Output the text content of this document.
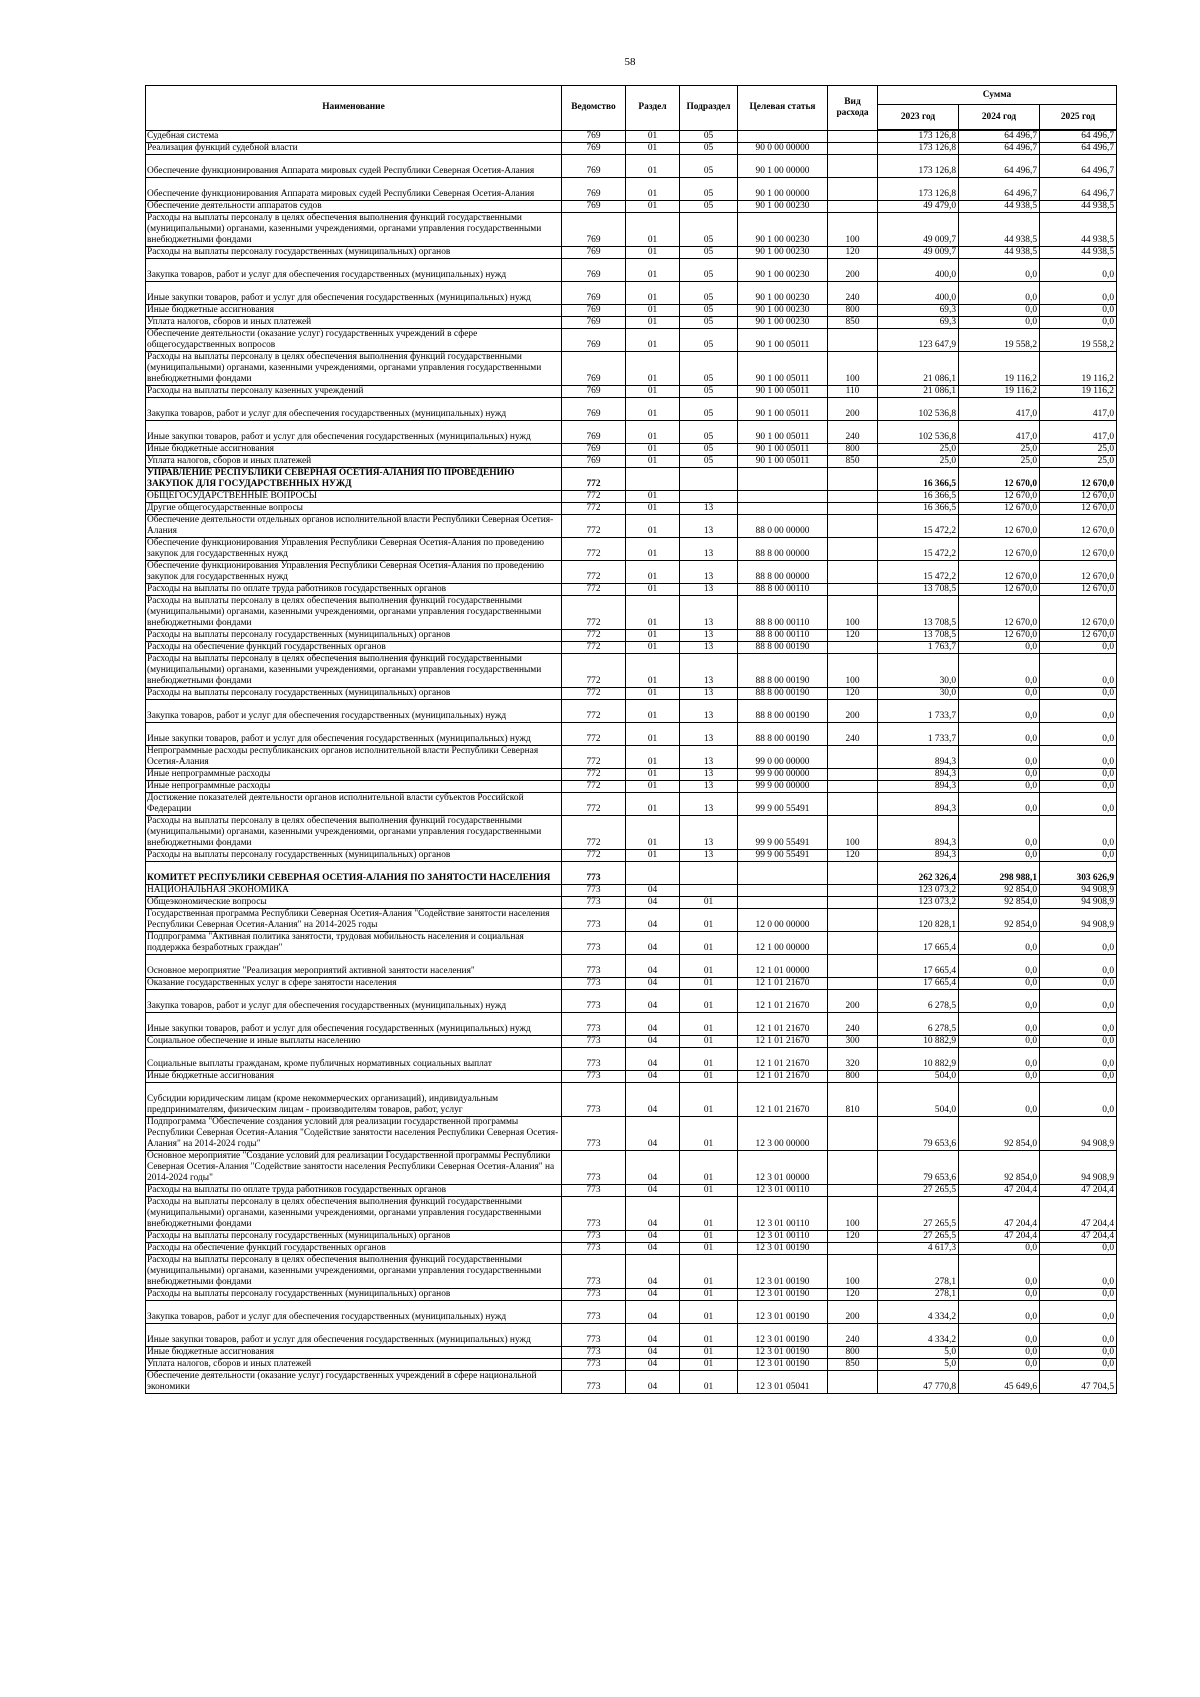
58
Наименование	Ведомство	Раздел	Подраздел	Целевая статья	Вид расхода	Сумма		
						2023 год	2024 год	2025 год
Судебная система	769	01	05			173 126,8	64 496,7	64 496,7
Реализация функций судебной власти	769	01	05	90 0 00 00000		173 126,8	64 496,7	64 496,7
Обеспечение функционирования Аппарата мировых судей Республики Северная Осетия-Алания	769	01	05	90 1 00 00000		173 126,8	64 496,7	64 496,7
Обеспечение функционирования Аппарата мировых судей Республики Северная Осетия-Алания	769	01	05	90 1 00 00000		173 126,8	64 496,7	64 496,7
Обеспечение деятельности аппаратов судов	769	01	05	90 1 00 00230		49 479,0	44 938,5	44 938,5
Расходы на выплаты персоналу в целях обеспечения выполнения функций государственными (муниципальными) органами, казенными учреждениями, органами управления государственными внебюджетными фондами	769	01	05	90 1 00 00230	100	49 009,7	44 938,5	44 938,5
Расходы на выплаты персоналу государственных (муниципальных) органов	769	01	05	90 1 00 00230	120	49 009,7	44 938,5	44 938,5
Закупка товаров, работ и услуг для обеспечения государственных (муниципальных) нужд	769	01	05	90 1 00 00230	200	400,0	0,0	0,0
Иные закупки товаров, работ и услуг для обеспечения государственных (муниципальных) нужд	769	01	05	90 1 00 00230	240	400,0	0,0	0,0
Иные бюджетные ассигнования	769	01	05	90 1 00 00230	800	69,3	0,0	0,0
Уплата налогов, сборов и иных платежей	769	01	05	90 1 00 00230	850	69,3	0,0	0,0
Обеспечение деятельности (оказание услуг) государственных учреждений в сфере общегосударственных вопросов	769	01	05	90 1 00 05011		123 647,9	19 558,2	19 558,2
Расходы на выплаты персоналу в целях обеспечения выполнения функций государственными (муниципальными) органами, казенными учреждениями, органами управления государственными внебюджетными фондами	769	01	05	90 1 00 05011	100	21 086,1	19 116,2	19 116,2
Расходы на выплаты персоналу казенных учреждений	769	01	05	90 1 00 05011	110	21 086,1	19 116,2	19 116,2
Закупка товаров, работ и услуг для обеспечения государственных (муниципальных) нужд	769	01	05	90 1 00 05011	200	102 536,8	417,0	417,0
Иные закупки товаров, работ и услуг для обеспечения государственных (муниципальных) нужд	769	01	05	90 1 00 05011	240	102 536,8	417,0	417,0
Иные бюджетные ассигнования	769	01	05	90 1 00 05011	800	25,0	25,0	25,0
Уплата налогов, сборов и иных платежей	769	01	05	90 1 00 05011	850	25,0	25,0	25,0
УПРАВЛЕНИЕ РЕСПУБЛИКИ СЕВЕРНАЯ ОСЕТИЯ-АЛАНИЯ ПО ПРОВЕДЕНИЮ ЗАКУПОК ДЛЯ ГОСУДАРСТВЕННЫХ НУЖД	772					16 366,5	12 670,0	12 670,0
ОБЩЕГОСУДАРСТВЕННЫЕ ВОПРОСЫ	772	01				16 366,5	12 670,0	12 670,0
Другие общегосударственные вопросы	772	01	13			16 366,5	12 670,0	12 670,0
Обеспечение деятельности отдельных органов исполнительной власти Республики Северная Осетия-Алания	772	01	13	88 0 00 00000		15 472,2	12 670,0	12 670,0
Обеспечение функционирования Управления Республики Северная Осетия-Алания по проведению закупок для государственных нужд	772	01	13	88 8 00 00000		15 472,2	12 670,0	12 670,0
Обеспечение функционирования Управления Республики Северная Осетия-Алания по проведению закупок для государственных нужд	772	01	13	88 8 00 00000		15 472,2	12 670,0	12 670,0
Расходы на выплаты по оплате труда работников государственных органов	772	01	13	88 8 00 00110		13 708,5	12 670,0	12 670,0
Расходы на выплаты персоналу в целях обеспечения выполнения функций государственными (муниципальными) органами, казенными учреждениями, органами управления государственными внебюджетными фондами	772	01	13	88 8 00 00110	100	13 708,5	12 670,0	12 670,0
Расходы на выплаты персоналу государственных (муниципальных) органов	772	01	13	88 8 00 00110	120	13 708,5	12 670,0	12 670,0
Расходы на обеспечение функций государственных органов	772	01	13	88 8 00 00190		1 763,7	0,0	0,0
Расходы на выплаты персоналу в целях обеспечения выполнения функций государственными (муниципальными) органами, казенными учреждениями, органами управления государственными внебюджетными фондами	772	01	13	88 8 00 00190	100	30,0	0,0	0,0
Расходы на выплаты персоналу государственных (муниципальных) органов	772	01	13	88 8 00 00190	120	30,0	0,0	0,0
Закупка товаров, работ и услуг для обеспечения государственных (муниципальных) нужд	772	01	13	88 8 00 00190	200	1 733,7	0,0	0,0
Иные закупки товаров, работ и услуг для обеспечения государственных (муниципальных) нужд	772	01	13	88 8 00 00190	240	1 733,7	0,0	0,0
Непрограммные расходы республиканских органов исполнительной власти Республики Северная Осетия-Алания	772	01	13	99 0 00 00000		894,3	0,0	0,0
Иные непрограммные расходы	772	01	13	99 9 00 00000		894,3	0,0	0,0
Иные непрограммные расходы	772	01	13	99 9 00 00000		894,3	0,0	0,0
Достижение показателей деятельности органов исполнительной власти субъектов Российской Федерации	772	01	13	99 9 00 55491		894,3	0,0	0,0
Расходы на выплаты персоналу в целях обеспечения выполнения функций государственными (муниципальными) органами, казенными учреждениями, органами управления государственными внебюджетными фондами	772	01	13	99 9 00 55491	100	894,3	0,0	0,0
Расходы на выплаты персоналу государственных (муниципальных) органов	772	01	13	99 9 00 55491	120	894,3	0,0	0,0
КОМИТЕТ РЕСПУБЛИКИ СЕВЕРНАЯ ОСЕТИЯ-АЛАНИЯ ПО ЗАНЯТОСТИ НАСЕЛЕНИЯ	773					262 326,4	298 988,1	303 626,9
НАЦИОНАЛЬНАЯ ЭКОНОМИКА	773	04				123 073,2	92 854,0	94 908,9
Общеэкономические вопросы	773	04	01			123 073,2	92 854,0	94 908,9
Государственная программа Республики Северная Осетия-Алания "Содействие занятости населения Республики Северная Осетия-Алания" на 2014-2025 годы	773	04	01	12 0 00 00000		120 828,1	92 854,0	94 908,9
Подпрограмма "Активная политика занятости, трудовая мобильность населения и социальная поддержка безработных граждан"	773	04	01	12 1 00 00000		17 665,4	0,0	0,0
Основное мероприятие "Реализация мероприятий активной занятости населения"	773	04	01	12 1 01 00000		17 665,4	0,0	0,0
Оказание государственных услуг в сфере занятости населения	773	04	01	12 1 01 21670		17 665,4	0,0	0,0
Закупка товаров, работ и услуг для обеспечения государственных (муниципальных) нужд	773	04	01	12 1 01 21670	200	6 278,5	0,0	0,0
Иные закупки товаров, работ и услуг для обеспечения государственных (муниципальных) нужд	773	04	01	12 1 01 21670	240	6 278,5	0,0	0,0
Социальное обеспечение и иные выплаты населению	773	04	01	12 1 01 21670	300	10 882,9	0,0	0,0
Социальные выплаты гражданам, кроме публичных нормативных социальных выплат	773	04	01	12 1 01 21670	320	10 882,9	0,0	0,0
Иные бюджетные ассигнования	773	04	01	12 1 01 21670	800	504,0	0,0	0,0
Субсидии юридическим лицам (кроме некоммерческих организаций), индивидуальным предпринимателям, физическим лицам - производителям товаров, работ, услуг	773	04	01	12 1 01 21670	810	504,0	0,0	0,0
Подпрограмма "Обеспечение создания условий для реализации государственной программы Республики Северная Осетия-Алания "Содействие занятости населения Республики Северная Осетия-Алания" на 2014-2024 годы"	773	04	01	12 3 00 00000		79 653,6	92 854,0	94 908,9
Основное мероприятие "Создание условий для реализации Государственной программы Республики Северная Осетия-Алания "Содействие занятости населения Республики Северная Осетия-Алания" на 2014-2024 годы"	773	04	01	12 3 01 00000		79 653,6	92 854,0	94 908,9
Расходы на выплаты по оплате труда работников государственных органов	773	04	01	12 3 01 00110		27 265,5	47 204,4	47 204,4
Расходы на выплаты персоналу в целях обеспечения выполнения функций государственными (муниципальными) органами, казенными учреждениями, органами управления государственными внебюджетными фондами	773	04	01	12 3 01 00110	100	27 265,5	47 204,4	47 204,4
Расходы на выплаты персоналу государственных (муниципальных) органов	773	04	01	12 3 01 00110	120	27 265,5	47 204,4	47 204,4
Расходы на обеспечение функций государственных органов	773	04	01	12 3 01 00190		4 617,3	0,0	0,0
Расходы на выплаты персоналу в целях обеспечения выполнения функций государственными (муниципальными) органами, казенными учреждениями, органами управления государственными внебюджетными фондами	773	04	01	12 3 01 00190	100	278,1	0,0	0,0
Расходы на выплаты персоналу государственных (муниципальных) органов	773	04	01	12 3 01 00190	120	278,1	0,0	0,0
Закупка товаров, работ и услуг для обеспечения государственных (муниципальных) нужд	773	04	01	12 3 01 00190	200	4 334,2	0,0	0,0
Иные закупки товаров, работ и услуг для обеспечения государственных (муниципальных) нужд	773	04	01	12 3 01 00190	240	4 334,2	0,0	0,0
Иные бюджетные ассигнования	773	04	01	12 3 01 00190	800	5,0	0,0	0,0
Уплата налогов, сборов и иных платежей	773	04	01	12 3 01 00190	850	5,0	0,0	0,0
Обеспечение деятельности (оказание услуг) государственных учреждений в сфере национальной экономики	773	04	01	12 3 01 05041		47 770,8	45 649,6	47 704,5
